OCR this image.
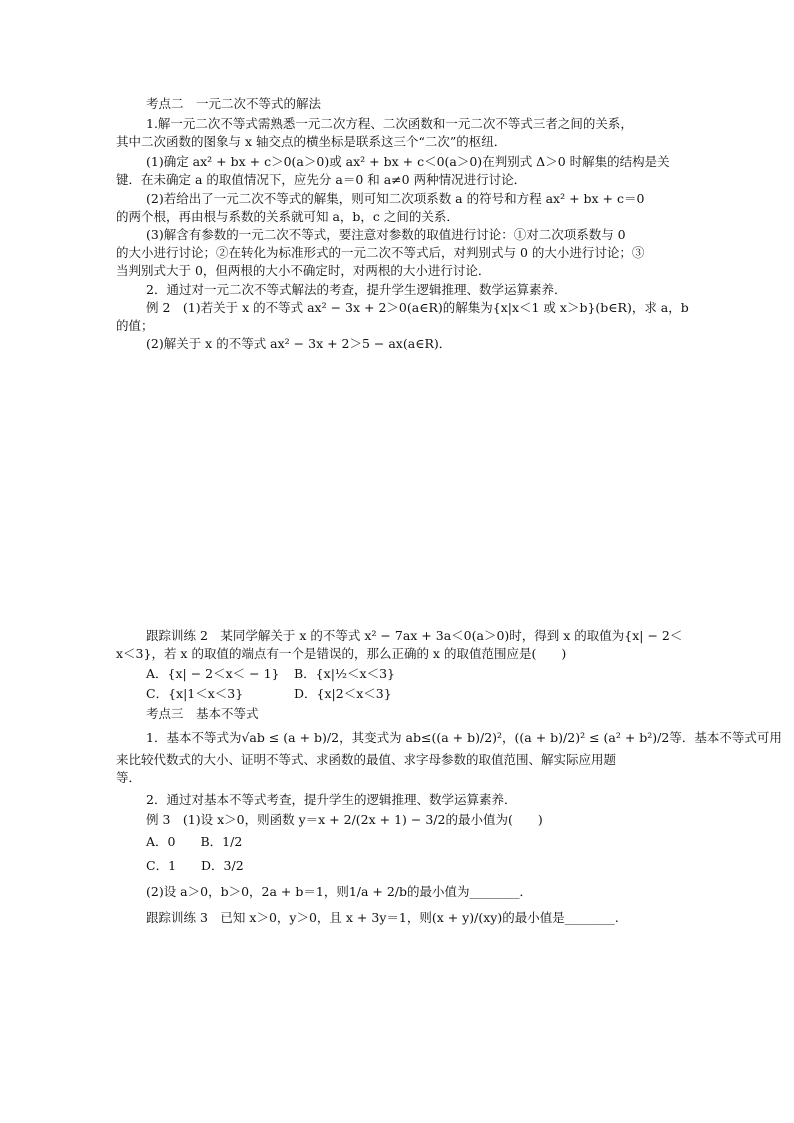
考点二　一元二次不等式的解法
1.解一元二次不等式需熟悉一元二次方程、二次函数和一元二次不等式三者之间的关系，
其中二次函数的图象与 x 轴交点的横坐标是联系这三个“二次”的枢纽．
(1)确定 ax² + bx + c＞0(a＞0)或 ax² + bx + c＜0(a＞0)在判别式 Δ＞0 时解集的结构是关
键．在未确定 a 的取值情况下，应先分 a＝0 和 a≠0 两种情况进行讨论．
(2)若给出了一元二次不等式的解集，则可知二次项系数 a 的符号和方程 ax² + bx + c＝0
的两个根，再由根与系数的关系就可知 a，b，c 之间的关系．
(3)解含有参数的一元二次不等式，要注意对参数的取值进行讨论：①对二次项系数与 0
的大小进行讨论；②在转化为标准形式的一元二次不等式后，对判别式与 0 的大小进行讨论；③
当判别式大于 0，但两根的大小不确定时，对两根的大小进行讨论．
2．通过对一元二次不等式解法的考查，提升学生逻辑推理、数学运算素养．
例 2　(1)若关于 x 的不等式 ax² − 3x + 2＞0(a∈R)的解集为{x|x＜1 或 x＞b}(b∈R)，求 a，b
的值；
(2)解关于 x 的不等式 ax² − 3x + 2＞5 − ax(a∈R)．
跟踪训练 2　某同学解关于 x 的不等式 x² − 7ax + 3a＜0(a＞0)时，得到 x 的取值为{x| − 2＜
x＜3}，若 x 的取值的端点有一个是错误的，那么正确的 x 的取值范围应是(　　)
A．{x| − 2＜x＜ − 1}	B．{x|½＜x＜3}
C．{x|1＜x＜3}	D．{x|2＜x＜3}
考点三　基本不等式
1．基本不等式为√ab ≤ (a + b)/2，其变式为 ab≤((a + b)/2)²，((a + b)/2)² ≤ (a² + b²)/2等．基本不等式可用
来比较代数式的大小、证明不等式、求函数的最值、求字母参数的取值范围、解实际应用题
等．
2．通过对基本不等式考查，提升学生的逻辑推理、数学运算素养．
例 3　(1)设 x＞0，则函数 y＝x + 2/(2x + 1) − 3/2的最小值为(　　)
A．0　　B．1/2
C．1　　D．3/2
(2)设 a＞0，b＞0，2a + b＝1，则1/a + 2/b的最小值为________．
跟踪训练 3　已知 x＞0，y＞0，且 x + 3y＝1，则(x + y)/(xy)的最小值是________.
